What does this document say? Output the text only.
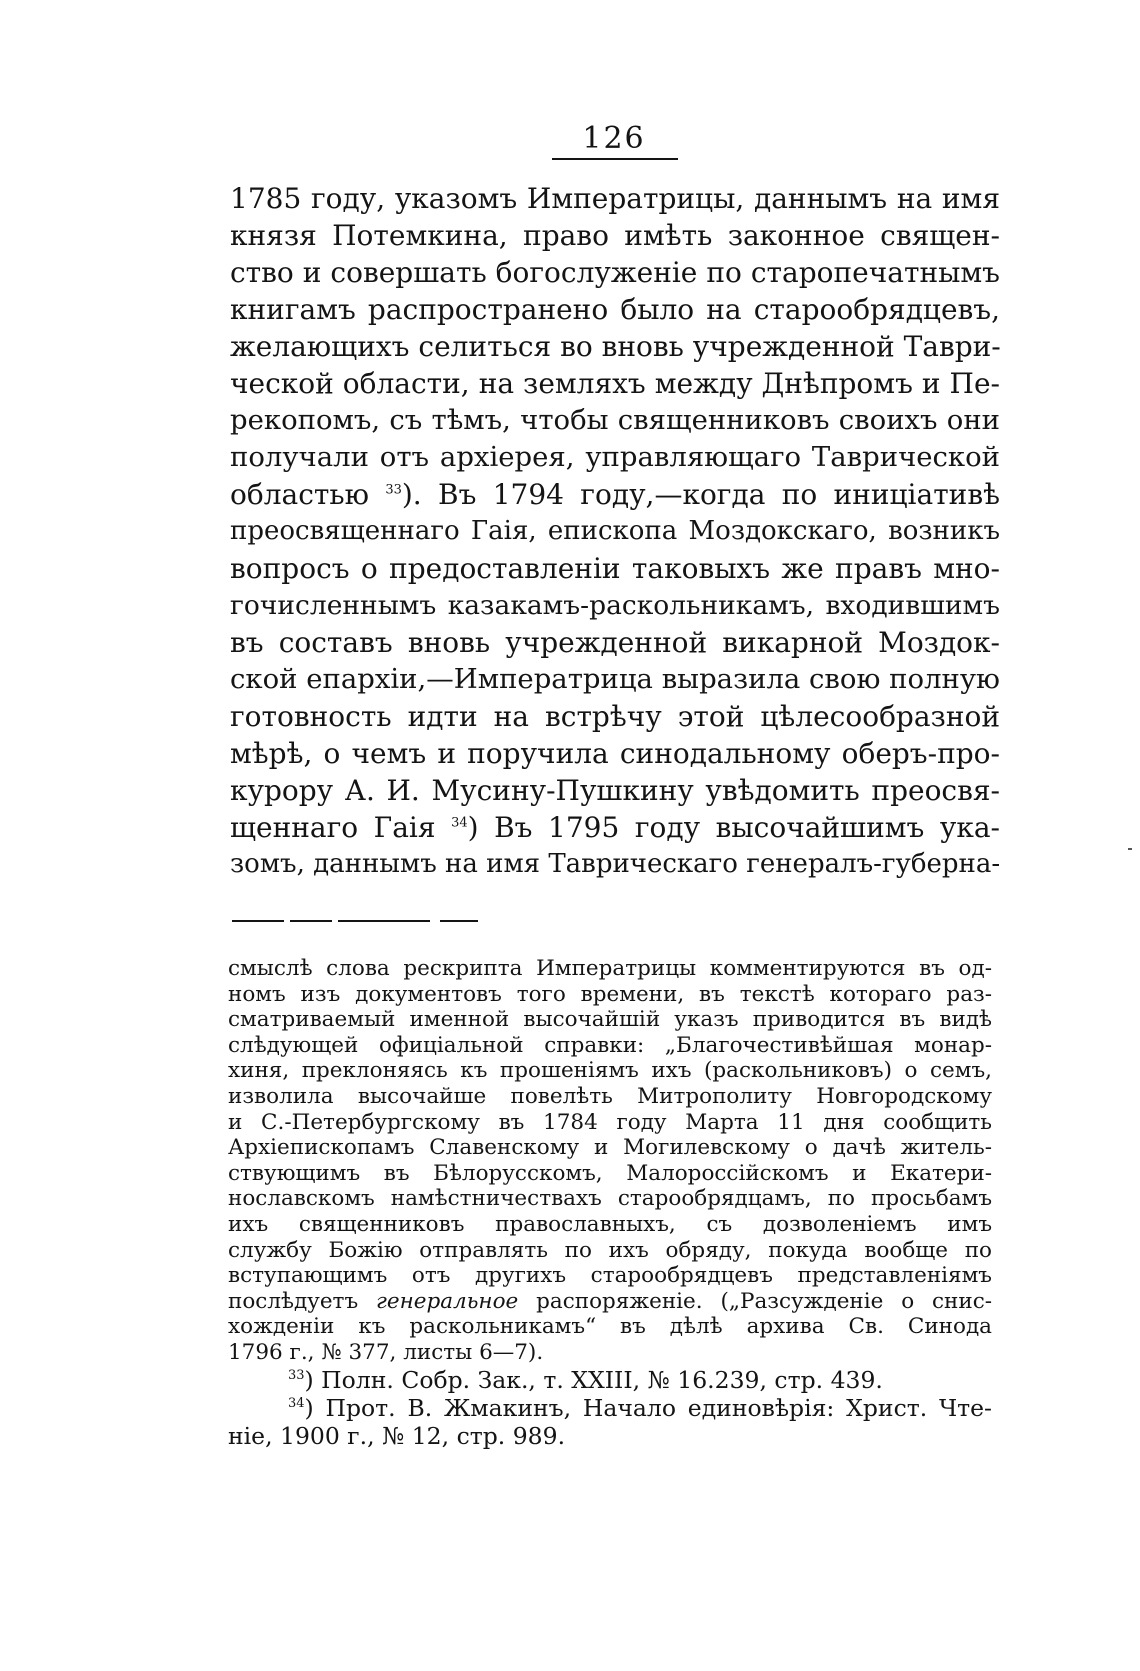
126
1785 году, указомъ Императрицы, даннымъ на имя
князя Потемкина, право имѣть законное священ-
ство и совершать богослуженіе по старопечатнымъ
книгамъ распространено было на старообрядцевъ,
желающихъ селиться во вновь учрежденной Таври-
ческой области, на земляхъ между Днѣпромъ и Пе-
рекопомъ, съ тѣмъ, чтобы священниковъ своихъ они
получали отъ архіерея, управляющаго Таврической
областью $^{33}$). Въ 1794 году,—когда по иниціативѣ
преосвященнаго Гаія, епископа Моздокскаго, возникъ
вопросъ о предоставленіи таковыхъ же правъ мно-
гочисленнымъ казакамъ-раскольникамъ, входившимъ
въ составъ вновь учрежденной викарной Моздок-
ской епархіи,—Императрица выразила свою полную
готовность идти на встрѣчу этой цѣлесообразной
мѣрѣ, о чемъ и поручила синодальному оберъ-про-
курору А. И. Мусину-Пушкину увѣдомить преосвя-
щеннаго Гаія $^{34}$) Въ 1795 году высочайшимъ ука-
зомъ, даннымъ на имя Таврическаго генералъ-губерна-
смыслѣ слова рескрипта Императрицы комментируются въ од-
номъ изъ документовъ того времени, въ текстѣ котораго раз-
сматриваемый именной высочайшій указъ приводится въ видѣ
слѣдующей офиціальной справки: „Благочестивѣйшая монар-
хиня, преклоняясь къ прошеніямъ ихъ (раскольниковъ) о семъ,
изволила высочайше повелѣть Митрополиту Новгородскому
и С.-Петербургскому въ 1784 году Марта 11 дня сообщить
Архіепископамъ Славенскому и Могилевскому о дачѣ житель-
ствующимъ въ Бѣлорусскомъ, Малороссійскомъ и Екатери-
нославскомъ намѣстничествахъ старообрядцамъ, по просьбамъ
ихъ священниковъ православныхъ, съ дозволеніемъ имъ
службу Божію отправлять по ихъ обряду, покуда вообще по
вступающимъ отъ другихъ старообрядцевъ представленіямъ
послѣдуетъ генеральное распоряженіе. („Разсужденіе о снис-
хожденіи къ раскольникамъ“ въ дѣлѣ архива Св. Синода
1796 г., № 377, листы 6—7).
$^{33}$) Полн. Собр. Зак., т. XXIII, № 16.239, стр. 439.
$^{34}$) Прот. В. Жмакинъ, Начало единовѣрія: Христ. Чте-
ніе, 1900 г., № 12, стр. 989.
